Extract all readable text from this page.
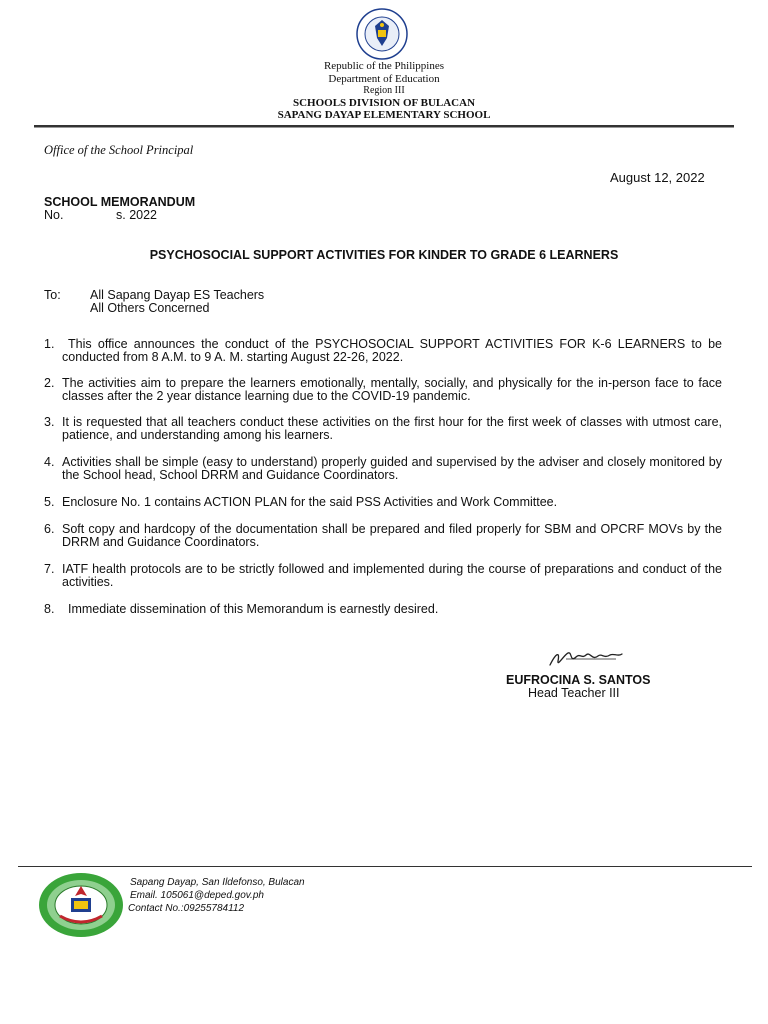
Republic of the Philippines
Department of Education
Region III
SCHOOLS DIVISION OF BULACAN
SAPANG DAYAP ELEMENTARY SCHOOL
Office of the School Principal
August 12, 2022
SCHOOL MEMORANDUM
No.	s. 2022
PSYCHOSOCIAL SUPPORT ACTIVITIES FOR KINDER TO GRADE 6 LEARNERS
To: All Sapang Dayap ES Teachers
All Others Concerned
1.	This office announces the conduct of the PSYCHOSOCIAL SUPPORT ACTIVITIES FOR K-6 LEARNERS to be conducted from 8 A.M. to 9 A. M. starting August 22-26, 2022.
2. The activities aim to prepare the learners emotionally, mentally, socially, and physically for the in-person face to face classes after the 2 year distance learning due to the COVID-19 pandemic.
3. It is requested that all teachers conduct these activities on the first hour for the first week of classes with utmost care, patience, and understanding among his learners.
4. Activities shall be simple (easy to understand) properly guided and supervised by the adviser and closely monitored by the School head, School DRRM and Guidance Coordinators.
5. Enclosure No. 1 contains ACTION PLAN for the said PSS Activities and Work Committee.
6. Soft copy and hardcopy of the documentation shall be prepared and filed properly for SBM and OPCRF MOVs by the DRRM and Guidance Coordinators.
7. IATF health protocols are to be strictly followed and implemented during the course of preparations and conduct of the activities.
8.	Immediate dissemination of this Memorandum is earnestly desired.
EUFROCINA S. SANTOS
Head Teacher III
Sapang Dayap, San Ildefonso, Bulacan
Email. 105061@deped.gov.ph
Contact No.:09255784112
